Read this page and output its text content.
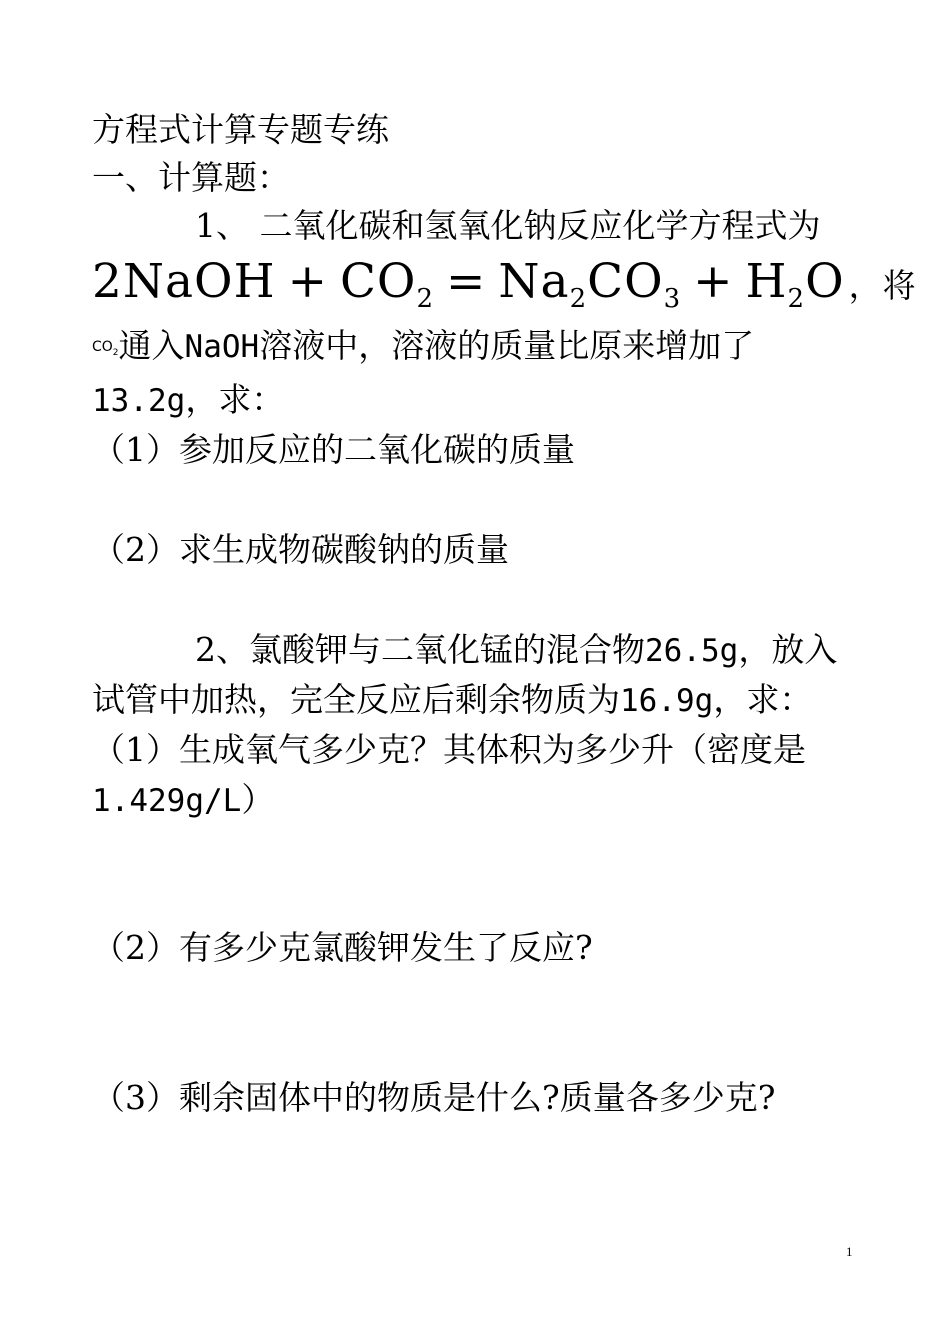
方程式计算专题专练
一、计算题：
1、 二氧化碳和氢氧化钠反应化学方程式为
2NaOH + $CO_2 = Na_2CO_3 + H_2O$ ，将
$CO_2$通入NaOH溶液中，溶液的质量比原来增加了
13.2g，求：
（1）参加反应的二氧化碳的质量
（2）求生成物碳酸钠的质量
2、氯酸钾与二氧化锰的混合物26.5g，放入
试管中加热，完全反应后剩余物质为16.9g，求：
（1）生成氧气多少克？其体积为多少升（密度是
1.429g/L）
（2）有多少克氯酸钾发生了反应?
（3）剩余固体中的物质是什么?质量各多少克?
1
